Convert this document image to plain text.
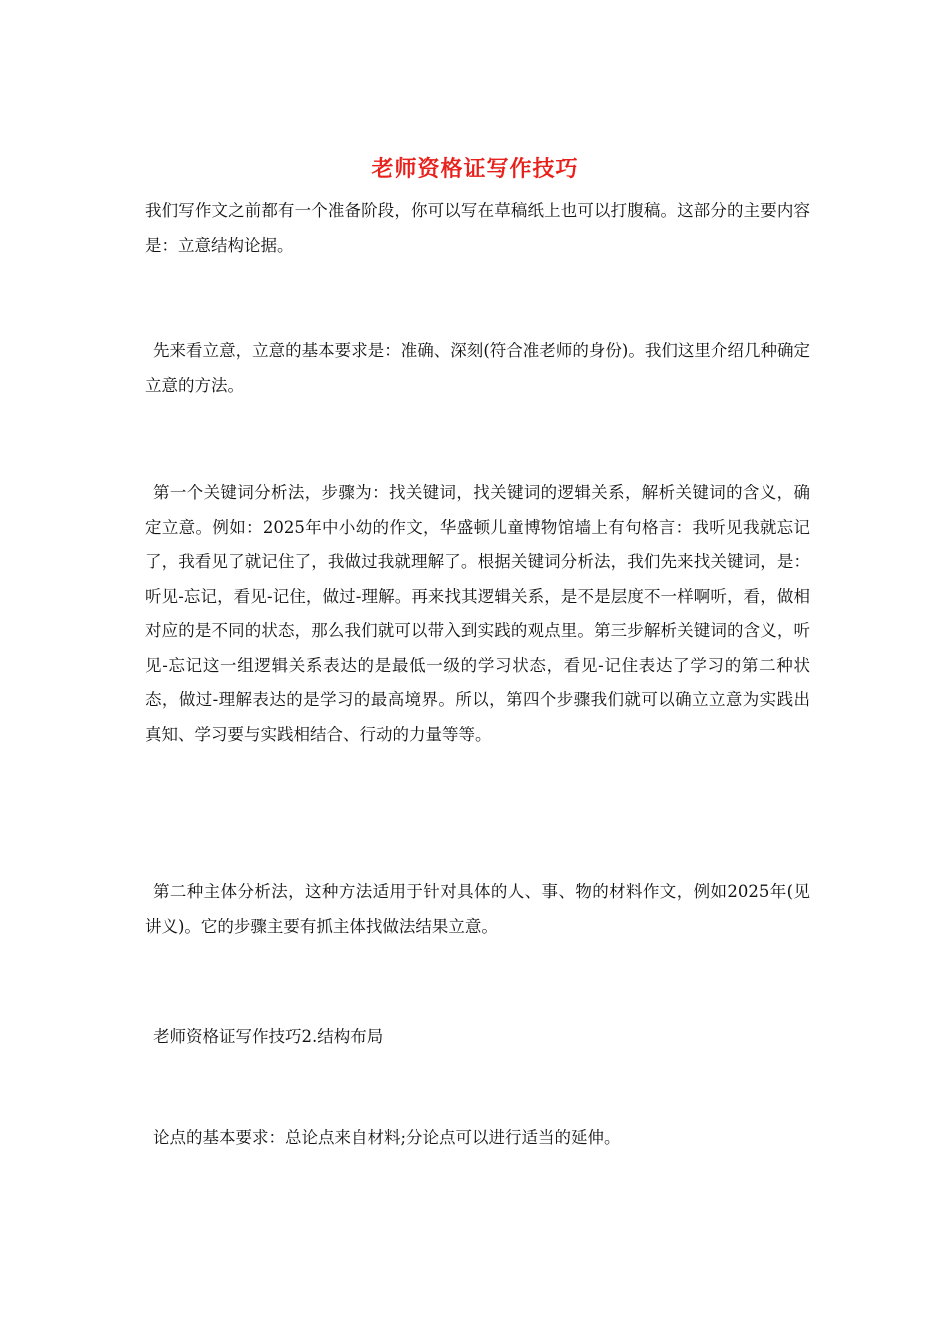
老师资格证写作技巧

我们写作文之前都有一个准备阶段，你可以写在草稿纸上也可以打腹稿。这部分的主要内容是：立意结构论据。

先来看立意，立意的基本要求是：准确、深刻(符合准老师的身份)。我们这里介绍几种确定立意的方法。

第一个关键词分析法，步骤为：找关键词，找关键词的逻辑关系，解析关键词的含义，确定立意。例如：2025年中小幼的作文，华盛顿儿童博物馆墙上有句格言：我听见我就忘记了，我看见了就记住了，我做过我就理解了。根据关键词分析法，我们先来找关键词，是：听见-忘记，看见-记住，做过-理解。再来找其逻辑关系，是不是层度不一样啊听，看，做相对应的是不同的状态，那么我们就可以带入到实践的观点里。第三步解析关键词的含义，听见-忘记这一组逻辑关系表达的是最低一级的学习状态，看见-记住表达了学习的第二种状态，做过-理解表达的是学习的最高境界。所以，第四个步骤我们就可以确立立意为实践出真知、学习要与实践相结合、行动的力量等等。

第二种主体分析法，这种方法适用于针对具体的人、事、物的材料作文，例如2025年(见讲义)。它的步骤主要有抓主体找做法结果立意。

老师资格证写作技巧2.结构布局

论点的基本要求：总论点来自材料;分论点可以进行适当的延伸。
